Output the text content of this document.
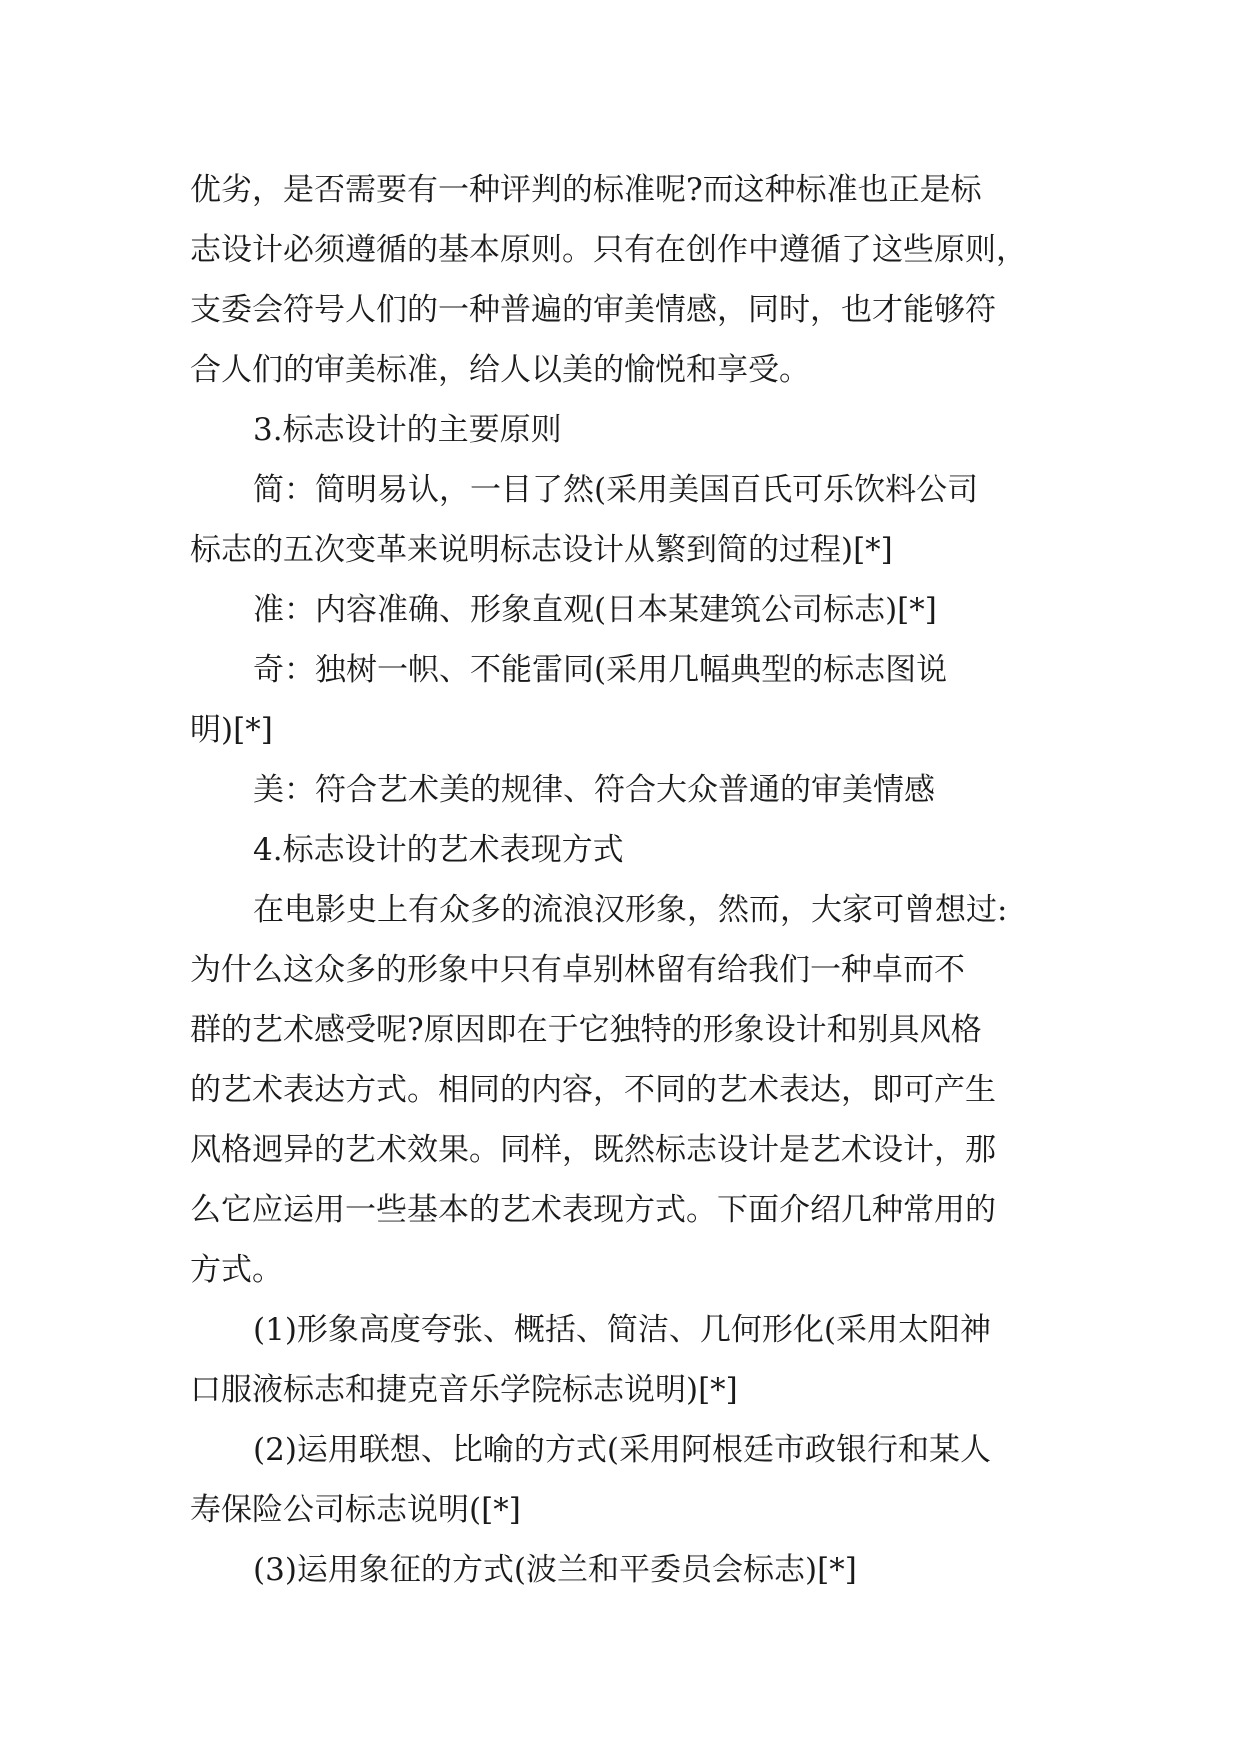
优劣，是否需要有一种评判的标准呢?而这种标准也正是标
志设计必须遵循的基本原则。只有在创作中遵循了这些原则，
支委会符号人们的一种普遍的审美情感，同时，也才能够符
合人们的审美标准，给人以美的愉悦和享受。
3.标志设计的主要原则
简：简明易认，一目了然(采用美国百氏可乐饮料公司
标志的五次变革来说明标志设计从繁到简的过程)[*]
准：内容准确、形象直观(日本某建筑公司标志)[*]
奇：独树一帜、不能雷同(采用几幅典型的标志图说
明)[*]
美：符合艺术美的规律、符合大众普通的审美情感
4.标志设计的艺术表现方式
在电影史上有众多的流浪汉形象，然而，大家可曾想过:
为什么这众多的形象中只有卓别林留有给我们一种卓而不
群的艺术感受呢?原因即在于它独特的形象设计和别具风格
的艺术表达方式。相同的内容，不同的艺术表达，即可产生
风格迥异的艺术效果。同样，既然标志设计是艺术设计，那
么它应运用一些基本的艺术表现方式。下面介绍几种常用的
方式。
(1)形象高度夸张、概括、简洁、几何形化(采用太阳神
口服液标志和捷克音乐学院标志说明)[*]
(2)运用联想、比喻的方式(采用阿根廷市政银行和某人
寿保险公司标志说明([*]
(3)运用象征的方式(波兰和平委员会标志)[*]
